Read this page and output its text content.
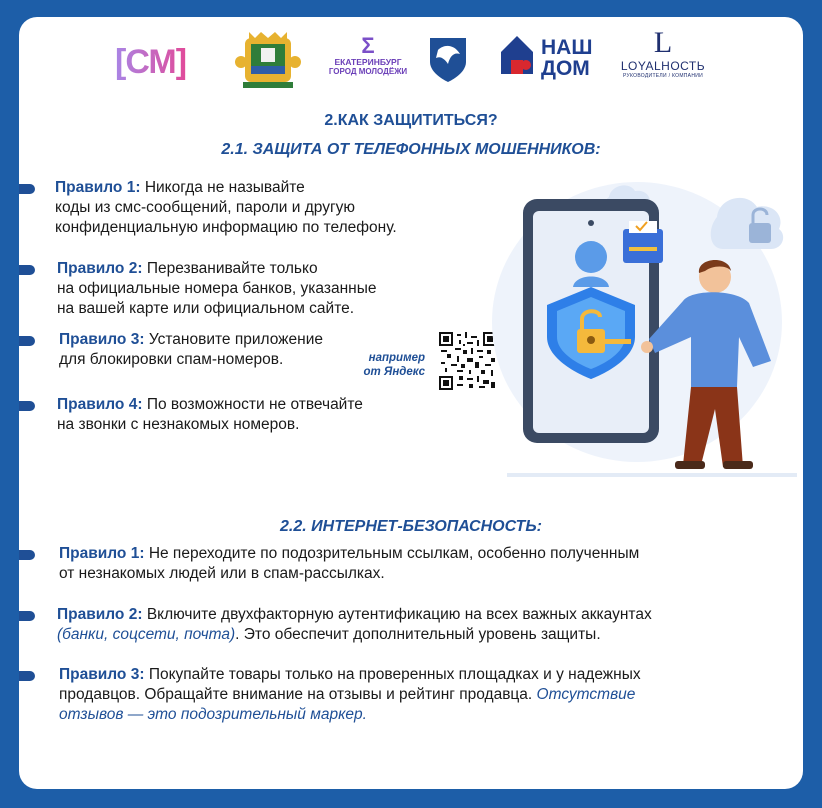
[СМ]	Ʃ
ЕКАТЕРИНБУРГ
ГОРОД МОЛОДЁЖИ
НАШ
ДОМ
L
LOYALНОСТЬ
РУКОВОДИТЕЛИ / КОМПАНИИ
2.КАК ЗАЩИТИТЬСЯ?
2.1. ЗАЩИТА ОТ ТЕЛЕФОННЫХ МОШЕННИКОВ:
Правило 1: Никогда не называйте
коды из смс-сообщений, пароли и другую
конфиденциальную информацию по телефону.
Правило 2: Перезванивайте только
на официальные номера банков, указанные
на вашей карте или официальном сайте.
Правило 3: Установите приложение
для блокировки спам-номеров.	например
от Яндекс
Правило 4: По возможности не отвечайте
на звонки с незнакомых номеров.
2.2. ИНТЕРНЕТ-БЕЗОПАСНОСТЬ:
Правило 1: Не переходите по подозрительным ссылкам, особенно полученным
от незнакомых людей или в спам-рассылках.
Правило 2: Включите двухфакторную аутентификацию на всех важных аккаунтах
(банки, соцсети, почта). Это обеспечит дополнительный уровень защиты.
Правило 3: Покупайте товары только на проверенных площадках и у надежных
продавцов. Обращайте внимание на отзывы и рейтинг продавца. Отсутствие
отзывов — это подозрительный маркер.
